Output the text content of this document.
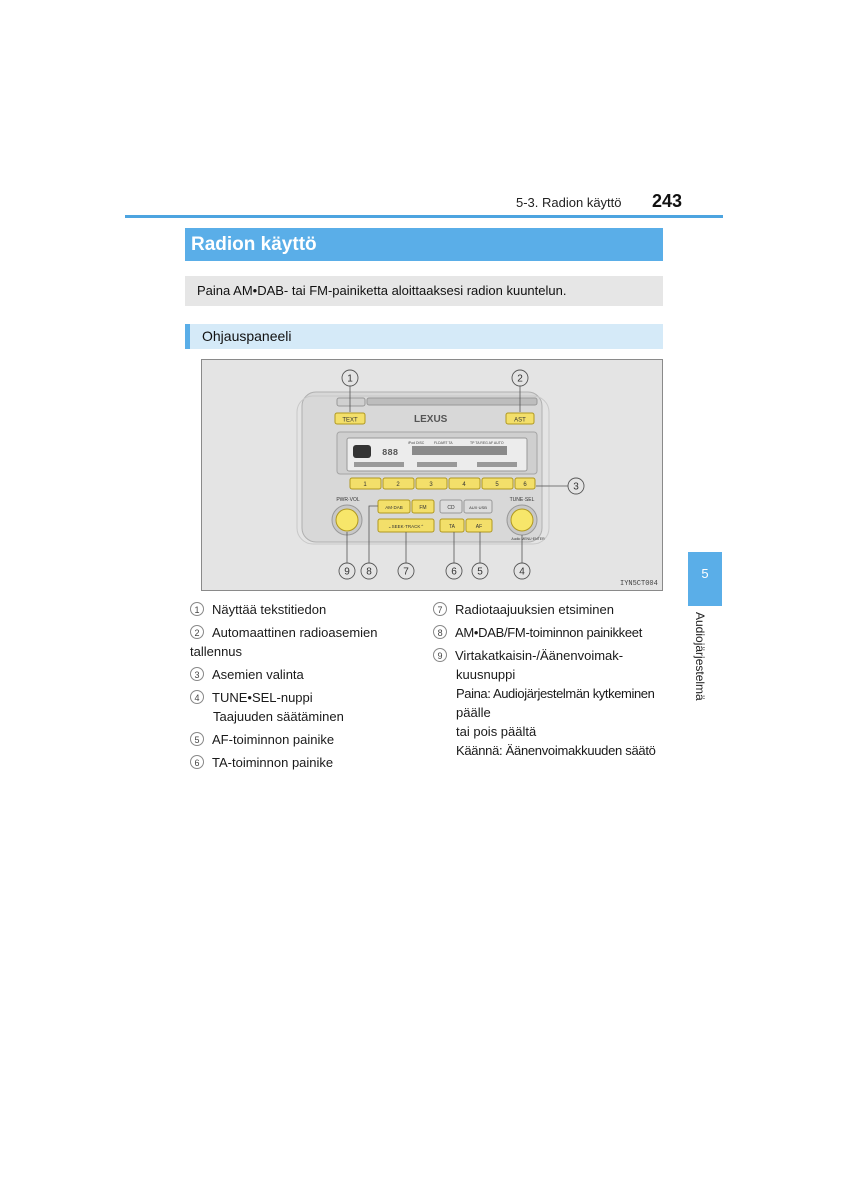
5-3. Radion käyttö 243
Radion käyttö
Paina AM•DAB- tai FM-painiketta aloittaaksesi radion kuuntelun.
Ohjauspaneeli
TEXT	LEXUS	AST
888
iPod DISC	FLDART TA	TP TA REG AF AUTO
1	2	3	4	5	6
PWR·VOL	TUNE·SEL
Audio MENU·ENTER
AM·DAB	FM	CD	AUX·USB
⌄SEEK·TRACK⌃	TA	AF
1	2
3
4
5
6
7
8
9
IYN5CT004
1 Näyttää tekstitiedon
2 Automaattinen radioasemien tallennus
3 Asemien valinta
4 TUNE•SEL-nuppi
Taajuuden säätäminen
5 AF-toiminnon painike
6 TA-toiminnon painike
7 Radiotaajuuksien etsiminen
8 AM•DAB/FM-toiminnon painikkeet
9 Virtakatkaisin-/Äänenvoimak-
kuusnuppi
Paina: Audiojärjestelmän kytkeminen
päälle
tai pois päältä
Käännä: Äänenvoimakkuuden säätö
5
Audiojärjestelmä
